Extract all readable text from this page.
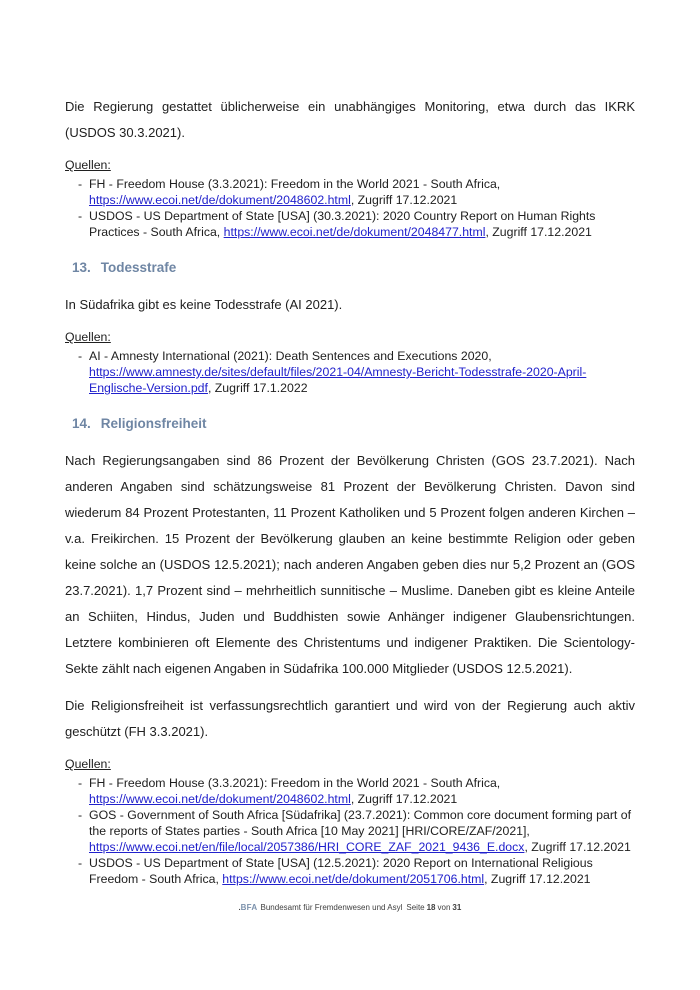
Die Regierung gestattet üblicherweise ein unabhängiges Monitoring, etwa durch das IKRK (USDOS 30.3.2021).

Quellen:
- FH - Freedom House (3.3.2021): Freedom in the World 2021 - South Africa, https://www.ecoi.net/de/dokument/2048602.html, Zugriff 17.12.2021
- USDOS - US Department of State [USA] (30.3.2021): 2020 Country Report on Human Rights Practices - South Africa, https://www.ecoi.net/de/dokument/2048477.html, Zugriff 17.12.2021
13. Todesstrafe

In Südafrika gibt es keine Todesstrafe (AI 2021).

Quellen:
- AI - Amnesty International (2021): Death Sentences and Executions 2020, https://www.amnesty.de/sites/default/files/2021-04/Amnesty-Bericht-Todesstrafe-2020-April-Englische-Version.pdf, Zugriff 17.1.2022
14. Religionsfreiheit

Nach Regierungsangaben sind 86 Prozent der Bevölkerung Christen (GOS 23.7.2021). Nach anderen Angaben sind schätzungsweise 81 Prozent der Bevölkerung Christen. Davon sind wiederum 84 Prozent Protestanten, 11 Prozent Katholiken und 5 Prozent folgen anderen Kirchen – v.a. Freikirchen. 15 Prozent der Bevölkerung glauben an keine bestimmte Religion oder geben keine solche an (USDOS 12.5.2021); nach anderen Angaben geben dies nur 5,2 Prozent an (GOS 23.7.2021). 1,7 Prozent sind – mehrheitlich sunnitische – Muslime. Daneben gibt es kleine Anteile an Schiiten, Hindus, Juden und Buddhisten sowie Anhänger indigener Glaubensrichtungen. Letztere kombinieren oft Elemente des Christentums und indigener Praktiken. Die Scientology-Sekte zählt nach eigenen Angaben in Südafrika 100.000 Mitglieder (USDOS 12.5.2021).

Die Religionsfreiheit ist verfassungsrechtlich garantiert und wird von der Regierung auch aktiv geschützt (FH 3.3.2021).

Quellen:
- FH - Freedom House (3.3.2021): Freedom in the World 2021 - South Africa, https://www.ecoi.net/de/dokument/2048602.html, Zugriff 17.12.2021
- GOS - Government of South Africa [Südafrika] (23.7.2021): Common core document forming part of the reports of States parties - South Africa [10 May 2021] [HRI/CORE/ZAF/2021], https://www.ecoi.net/en/file/local/2057386/HRI_CORE_ZAF_2021_9436_E.docx, Zugriff 17.12.2021
- USDOS - US Department of State [USA] (12.5.2021): 2020 Report on International Religious Freedom - South Africa, https://www.ecoi.net/de/dokument/2051706.html, Zugriff 17.12.2021
.BFA Bundesamt für Fremdenwesen und Asyl Seite 18 von 31
